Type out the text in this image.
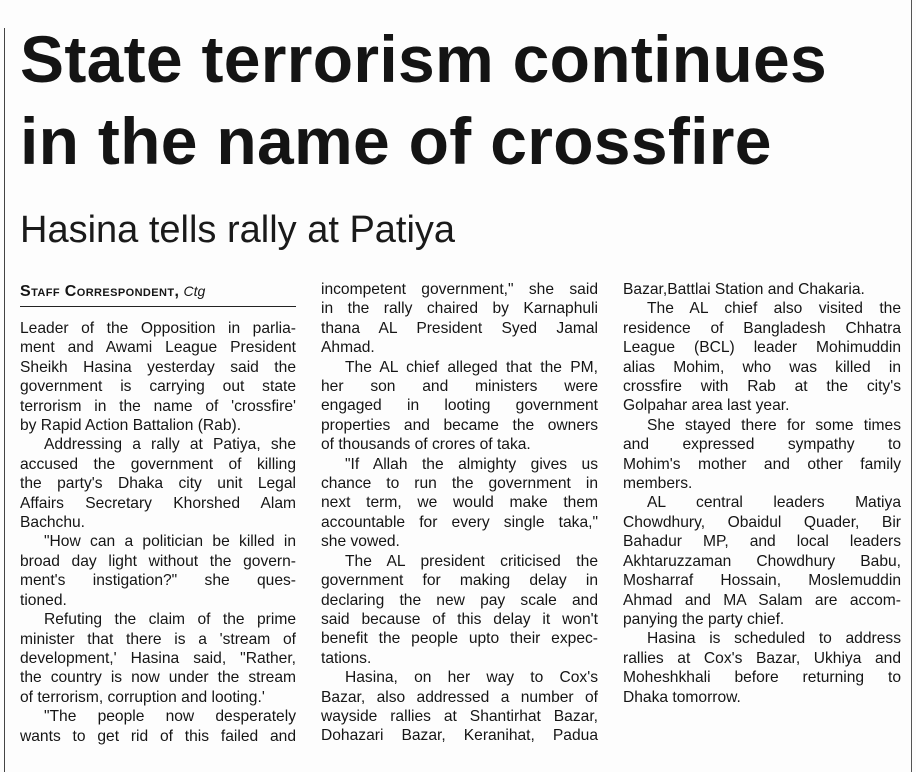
State terrorism continues
in the name of crossfire
Hasina tells rally at Patiya
Staff Correspondent, Ctg
Leader of the Opposition in parlia-
ment and Awami League President
Sheikh Hasina yesterday said the
government is carrying out state
terrorism in the name of 'crossfire'
by Rapid Action Battalion (Rab).
Addressing a rally at Patiya, she
accused the government of killing
the party's Dhaka city unit Legal
Affairs Secretary Khorshed Alam
Bachchu.
"How can a politician be killed in
broad day light without the govern-
ment's instigation?" she ques-
tioned.
Refuting the claim of the prime
minister that there is a 'stream of
development,' Hasina said, "Rather,
the country is now under the stream
of terrorism, corruption and looting.'
"The people now desperately
wants to get rid of this failed and
incompetent government," she said
in the rally chaired by Karnaphuli
thana AL President Syed Jamal
Ahmad.
The AL chief alleged that the PM,
her son and ministers were
engaged in looting government
properties and became the owners
of thousands of crores of taka.
"If Allah the almighty gives us
chance to run the government in
next term, we would make them
accountable for every single taka,"
she vowed.
The AL president criticised the
government for making delay in
declaring the new pay scale and
said because of this delay it won't
benefit the people upto their expec-
tations.
Hasina, on her way to Cox's
Bazar, also addressed a number of
wayside rallies at Shantirhat Bazar,
Dohazari Bazar, Keranihat, Padua
Bazar,Battlai Station and Chakaria.
The AL chief also visited the
residence of Bangladesh Chhatra
League (BCL) leader Mohimuddin
alias Mohim, who was killed in
crossfire with Rab at the city's
Golpahar area last year.
She stayed there for some times
and expressed sympathy to
Mohim's mother and other family
members.
AL central leaders Matiya
Chowdhury, Obaidul Quader, Bir
Bahadur MP, and local leaders
Akhtaruzzaman Chowdhury Babu,
Mosharraf Hossain, Moslemuddin
Ahmad and MA Salam are accom-
panying the party chief.
Hasina is scheduled to address
rallies at Cox's Bazar, Ukhiya and
Moheshkhali before returning to
Dhaka tomorrow.
